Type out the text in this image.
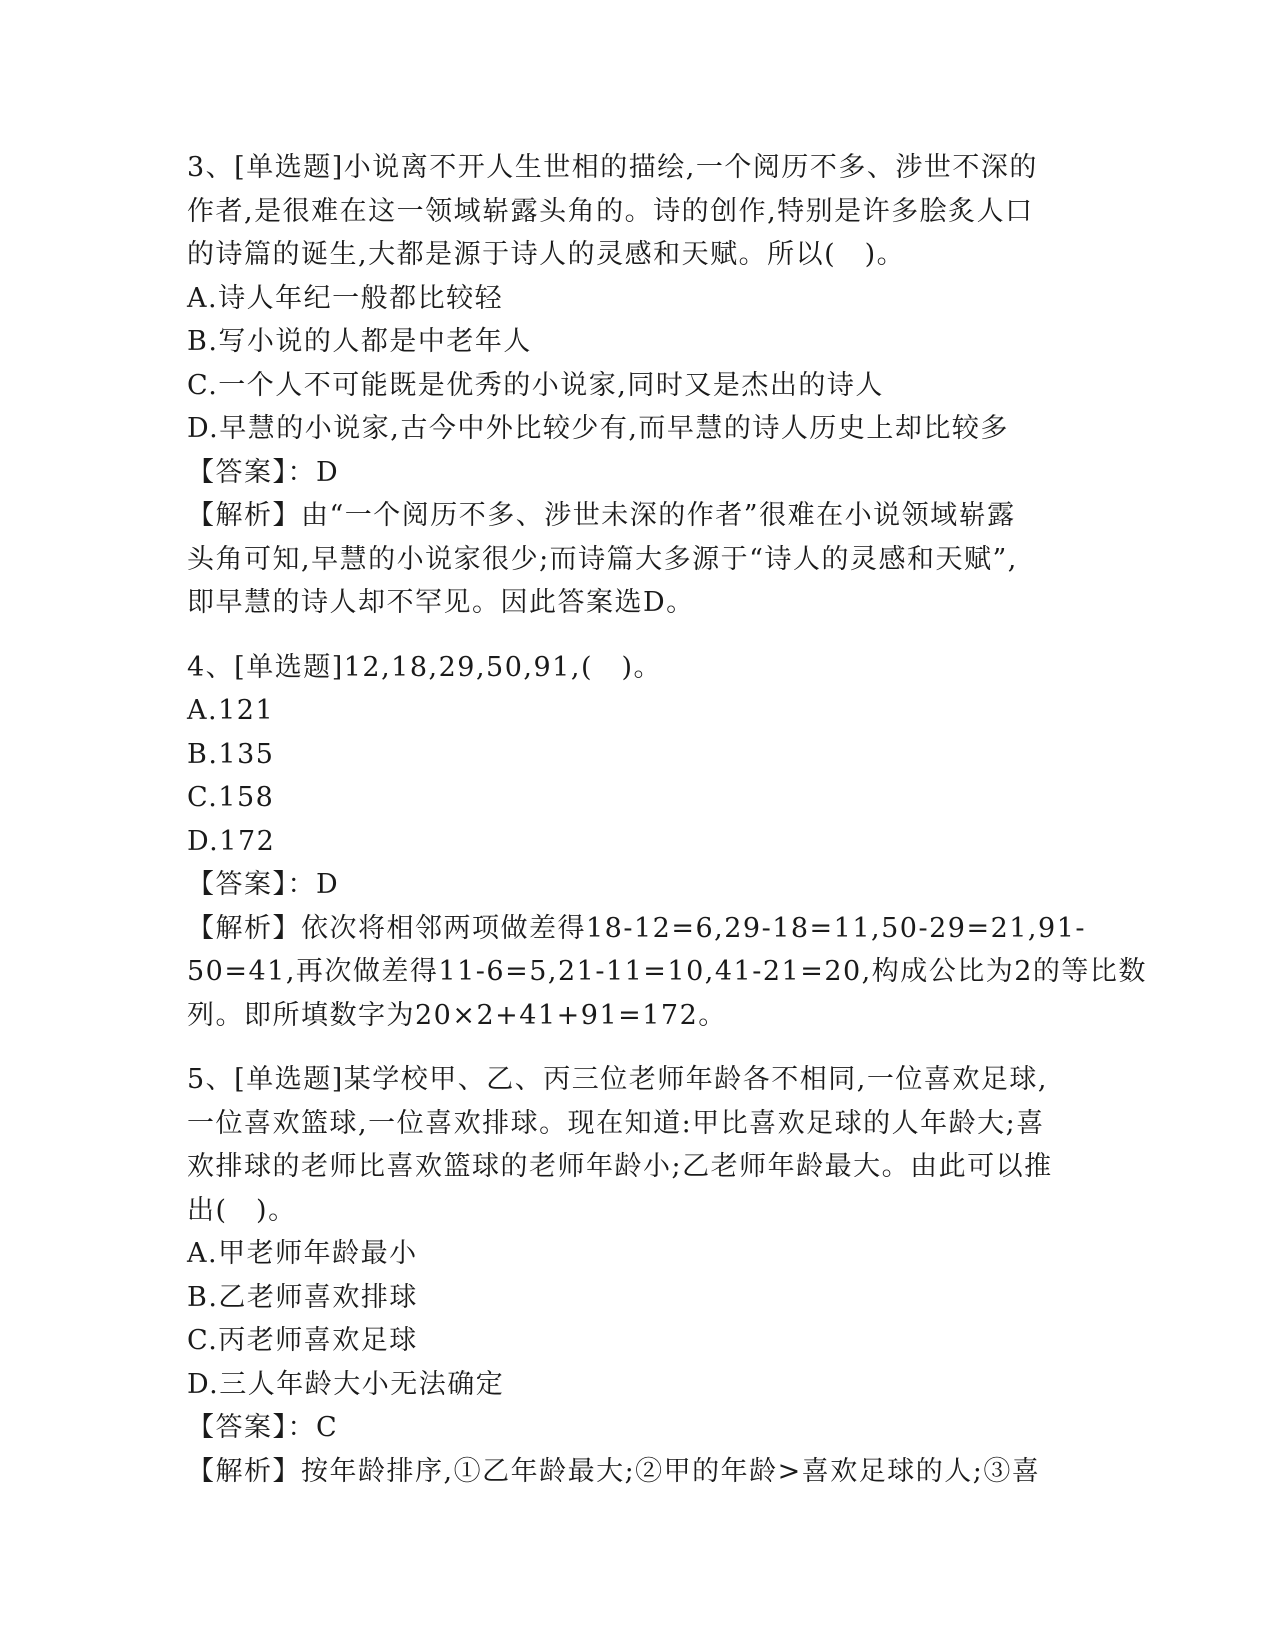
3、[单选题]小说离不开人生世相的描绘,一个阅历不多、涉世不深的
作者,是很难在这一领域崭露头角的。诗的创作,特别是许多脍炙人口
的诗篇的诞生,大都是源于诗人的灵感和天赋。所以(　)。
A.诗人年纪一般都比较轻
B.写小说的人都是中老年人
C.一个人不可能既是优秀的小说家,同时又是杰出的诗人
D.早慧的小说家,古今中外比较少有,而早慧的诗人历史上却比较多
【答案】：D
【解析】由“一个阅历不多、涉世未深的作者”很难在小说领域崭露
头角可知,早慧的小说家很少;而诗篇大多源于“诗人的灵感和天赋”,
即早慧的诗人却不罕见。因此答案选D。
4、[单选题]12,18,29,50,91,(　)。
A.121
B.135
C.158
D.172
【答案】：D
【解析】依次将相邻两项做差得18-12=6,29-18=11,50-29=21,91-
50=41,再次做差得11-6=5,21-11=10,41-21=20,构成公比为2的等比数
列。即所填数字为20×2+41+91=172。
5、[单选题]某学校甲、乙、丙三位老师年龄各不相同,一位喜欢足球,
一位喜欢篮球,一位喜欢排球。现在知道:甲比喜欢足球的人年龄大;喜
欢排球的老师比喜欢篮球的老师年龄小;乙老师年龄最大。由此可以推
出(　)。
A.甲老师年龄最小
B.乙老师喜欢排球
C.丙老师喜欢足球
D.三人年龄大小无法确定
【答案】：C
【解析】按年龄排序,①乙年龄最大;②甲的年龄>喜欢足球的人;③喜
